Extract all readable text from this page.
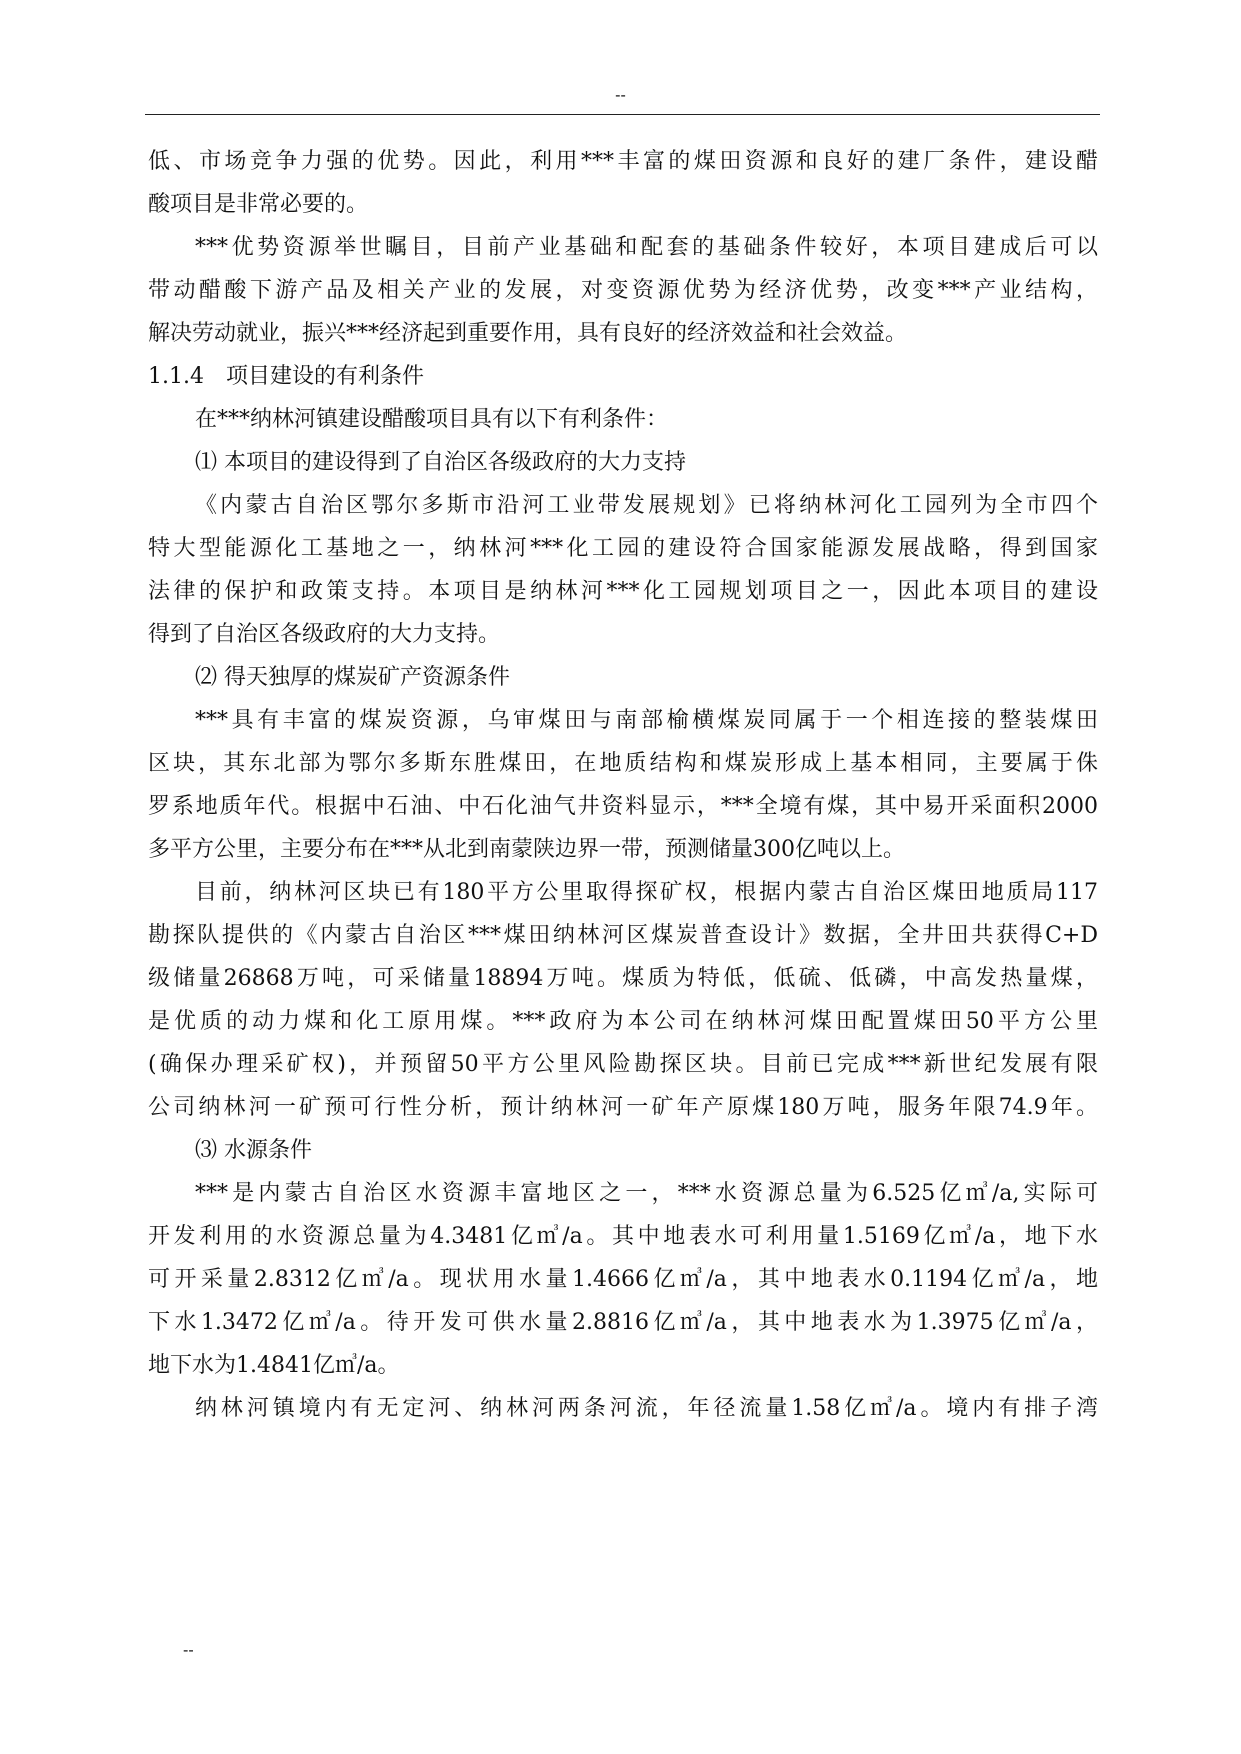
--
低、市场竞争力强的优势。因此，利用***丰富的煤田资源和良好的建厂条件，建设醋
酸项目是非常必要的。
***优势资源举世瞩目，目前产业基础和配套的基础条件较好，本项目建成后可以
带动醋酸下游产品及相关产业的发展，对变资源优势为经济优势，改变***产业结构，
解决劳动就业，振兴***经济起到重要作用，具有良好的经济效益和社会效益。
1.1.4　项目建设的有利条件
在***纳林河镇建设醋酸项目具有以下有利条件：
⑴ 本项目的建设得到了自治区各级政府的大力支持
《内蒙古自治区鄂尔多斯市沿河工业带发展规划》已将纳林河化工园列为全市四个
特大型能源化工基地之一，纳林河***化工园的建设符合国家能源发展战略，得到国家
法律的保护和政策支持。本项目是纳林河***化工园规划项目之一，因此本项目的建设
得到了自治区各级政府的大力支持。
⑵ 得天独厚的煤炭矿产资源条件
***具有丰富的煤炭资源，乌审煤田与南部榆横煤炭同属于一个相连接的整装煤田
区块，其东北部为鄂尔多斯东胜煤田，在地质结构和煤炭形成上基本相同，主要属于侏
罗系地质年代。根据中石油、中石化油气井资料显示，***全境有煤，其中易开采面积2000
多平方公里，主要分布在***从北到南蒙陕边界一带，预测储量300亿吨以上。
目前，纳林河区块已有180平方公里取得探矿权，根据内蒙古自治区煤田地质局117
勘探队提供的《内蒙古自治区***煤田纳林河区煤炭普查设计》数据，全井田共获得C+D
级储量26868万吨，可采储量18894万吨。煤质为特低，低硫、低磷，中高发热量煤，
是优质的动力煤和化工原用煤。***政府为本公司在纳林河煤田配置煤田50平方公里
(确保办理采矿权)，并预留50平方公里风险勘探区块。目前已完成***新世纪发展有限
公司纳林河一矿预可行性分析，预计纳林河一矿年产原煤180万吨，服务年限74.9年。
⑶ 水源条件
***是内蒙古自治区水资源丰富地区之一，***水资源总量为6.525亿㎥/a,实际可
开发利用的水资源总量为4.3481亿㎥/a。其中地表水可利用量1.5169亿㎥/a，地下水
可开采量2.8312亿㎥/a。现状用水量1.4666亿㎥/a，其中地表水0.1194亿㎥/a，地
下水1.3472亿㎥/a。待开发可供水量2.8816亿㎥/a，其中地表水为1.3975亿㎥/a，
地下水为1.4841亿㎥/a。
纳林河镇境内有无定河、纳林河两条河流，年径流量1.58亿㎥/a。境内有排子湾
--
